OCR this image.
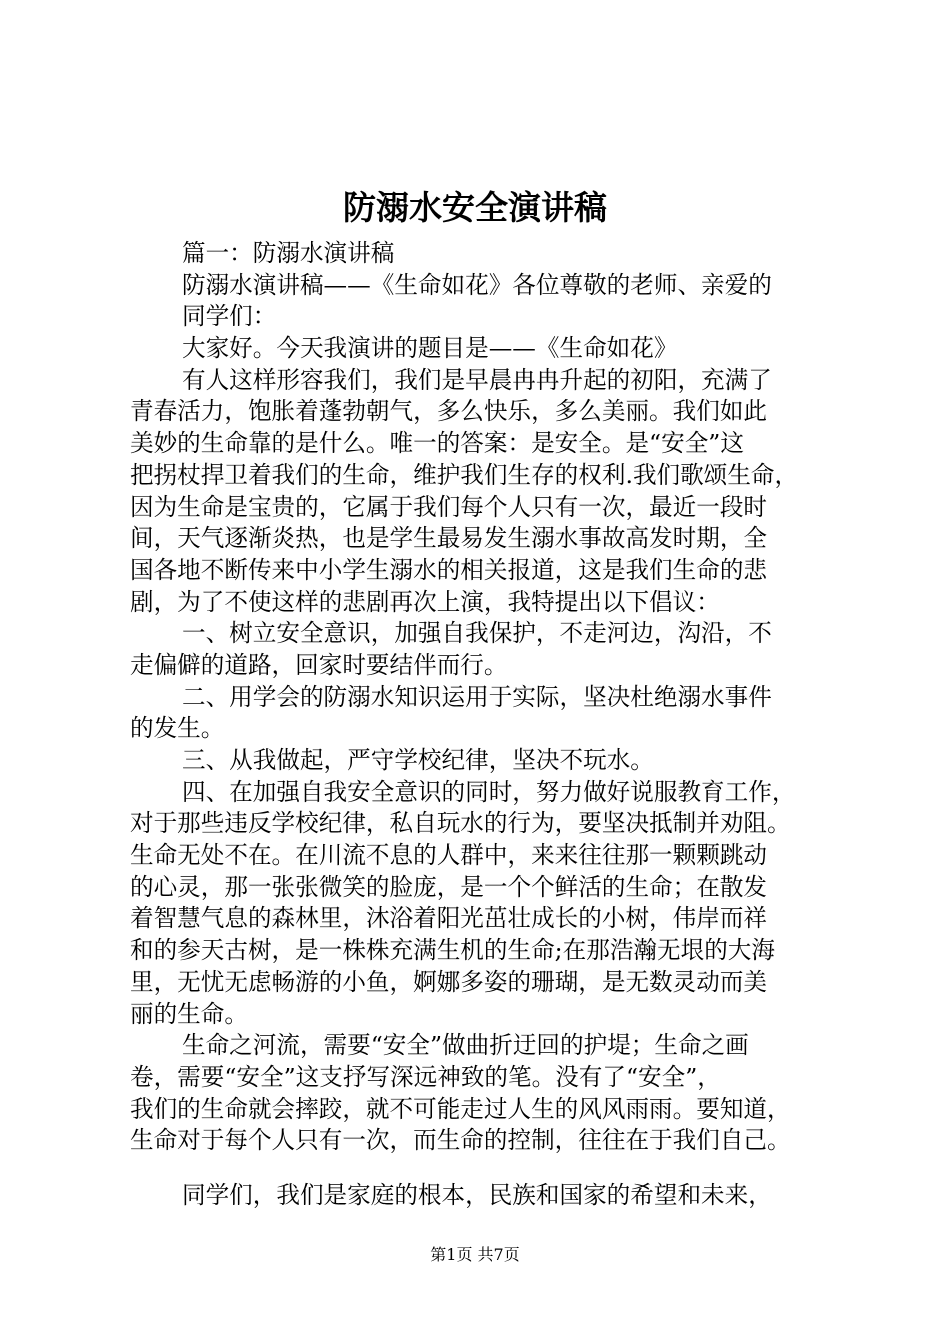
防溺水安全演讲稿
篇一：防溺水演讲稿
防溺水演讲稿——《生命如花》各位尊敬的老师、亲爱的
同学们：
大家好。今天我演讲的题目是——《生命如花》
有人这样形容我们，我们是早晨冉冉升起的初阳，充满了
青春活力，饱胀着蓬勃朝气，多么快乐，多么美丽。我们如此
美妙的生命靠的是什么。唯一的答案：是安全。是“安全”这
把拐杖捍卫着我们的生命，维护我们生存的权利.我们歌颂生命，
因为生命是宝贵的，它属于我们每个人只有一次，最近一段时
间，天气逐渐炎热，也是学生最易发生溺水事故高发时期，全
国各地不断传来中小学生溺水的相关报道，这是我们生命的悲
剧，为了不使这样的悲剧再次上演，我特提出以下倡议：
一、树立安全意识，加强自我保护，不走河边，沟沿，不
走偏僻的道路，回家时要结伴而行。
二、用学会的防溺水知识运用于实际，坚决杜绝溺水事件
的发生。
三、从我做起，严守学校纪律，坚决不玩水。
四、在加强自我安全意识的同时，努力做好说服教育工作，
对于那些违反学校纪律，私自玩水的行为，要坚决抵制并劝阻。
生命无处不在。在川流不息的人群中，来来往往那一颗颗跳动
的心灵，那一张张微笑的脸庞，是一个个鲜活的生命；在散发
着智慧气息的森林里，沐浴着阳光茁壮成长的小树，伟岸而祥
和的参天古树，是一株株充满生机的生命;在那浩瀚无垠的大海
里，无忧无虑畅游的小鱼，婀娜多姿的珊瑚，是无数灵动而美
丽的生命。
生命之河流，需要“安全”做曲折迂回的护堤；生命之画
卷，需要“安全”这支抒写深远神致的笔。没有了“安全”，
我们的生命就会摔跤，就不可能走过人生的风风雨雨。要知道，
生命对于每个人只有一次，而生命的控制，往往在于我们自己。
同学们，我们是家庭的根本，民族和国家的希望和未来，
第1页 共7页
